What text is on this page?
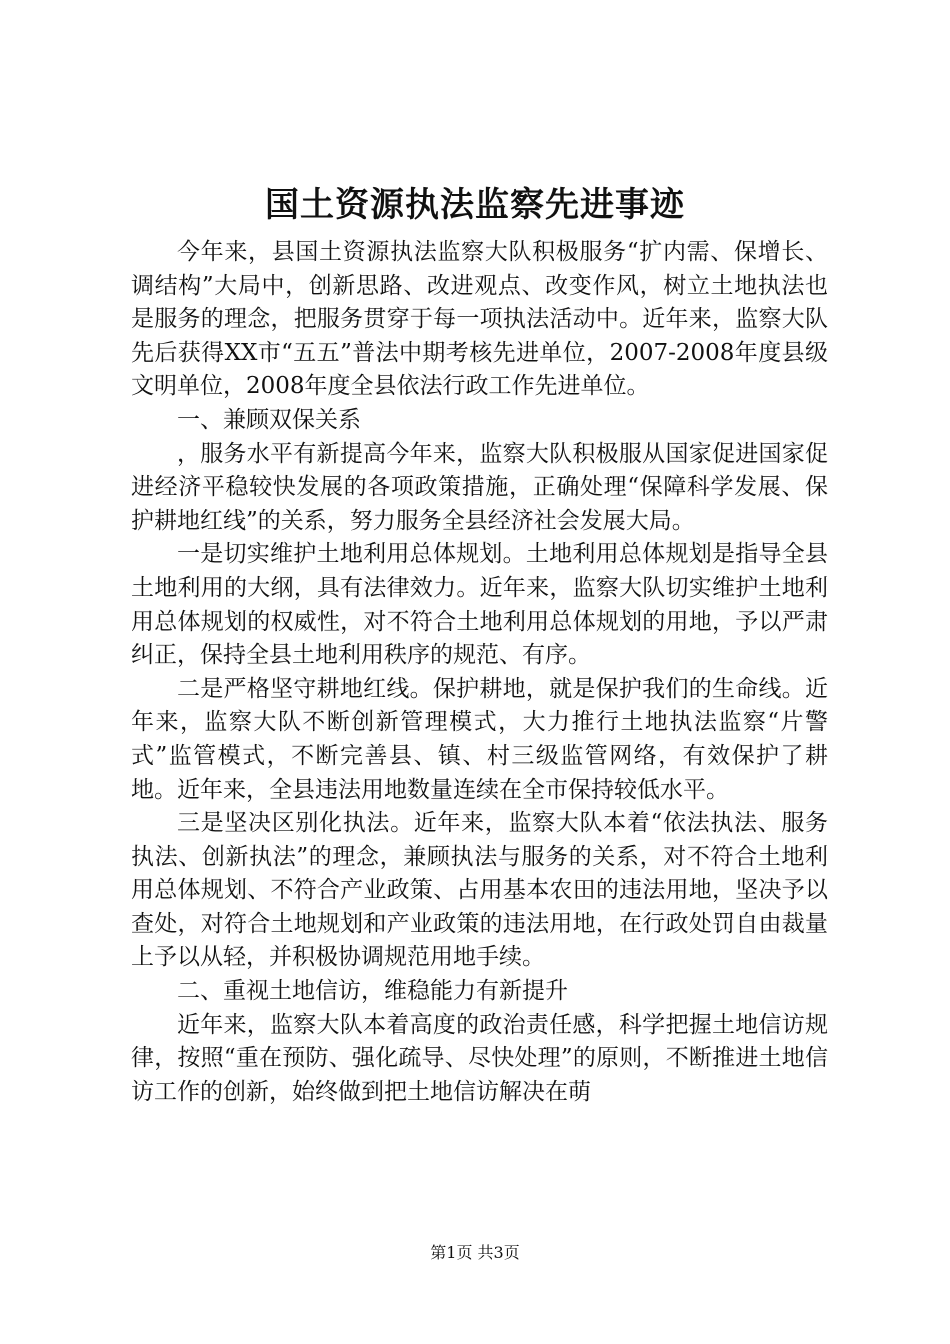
国土资源执法监察先进事迹

今年来，县国土资源执法监察大队积极服务“扩内需、保增长、调结构”大局中，创新思路、改进观点、改变作风，树立土地执法也是服务的理念，把服务贯穿于每一项执法活动中。近年来，监察大队先后获得XX市“五五”普法中期考核先进单位，2007-2008年度县级文明单位，2008年度全县依法行政工作先进单位。

一、兼顾双保关系

，服务水平有新提高今年来，监察大队积极服从国家促进国家促进经济平稳较快发展的各项政策措施，正确处理“保障科学发展、保护耕地红线”的关系，努力服务全县经济社会发展大局。

一是切实维护土地利用总体规划。土地利用总体规划是指导全县土地利用的大纲，具有法律效力。近年来，监察大队切实维护土地利用总体规划的权威性，对不符合土地利用总体规划的用地，予以严肃纠正，保持全县土地利用秩序的规范、有序。

二是严格坚守耕地红线。保护耕地，就是保护我们的生命线。近年来，监察大队不断创新管理模式，大力推行土地执法监察“片警式”监管模式，不断完善县、镇、村三级监管网络，有效保护了耕地。近年来，全县违法用地数量连续在全市保持较低水平。

三是坚决区别化执法。近年来，监察大队本着“依法执法、服务执法、创新执法”的理念，兼顾执法与服务的关系，对不符合土地利用总体规划、不符合产业政策、占用基本农田的违法用地，坚决予以查处，对符合土地规划和产业政策的违法用地，在行政处罚自由裁量上予以从轻，并积极协调规范用地手续。

二、重视土地信访，维稳能力有新提升

近年来，监察大队本着高度的政治责任感，科学把握土地信访规律，按照“重在预防、强化疏导、尽快处理”的原则，不断推进土地信访工作的创新，始终做到把土地信访解决在萌

第1页 共3页
